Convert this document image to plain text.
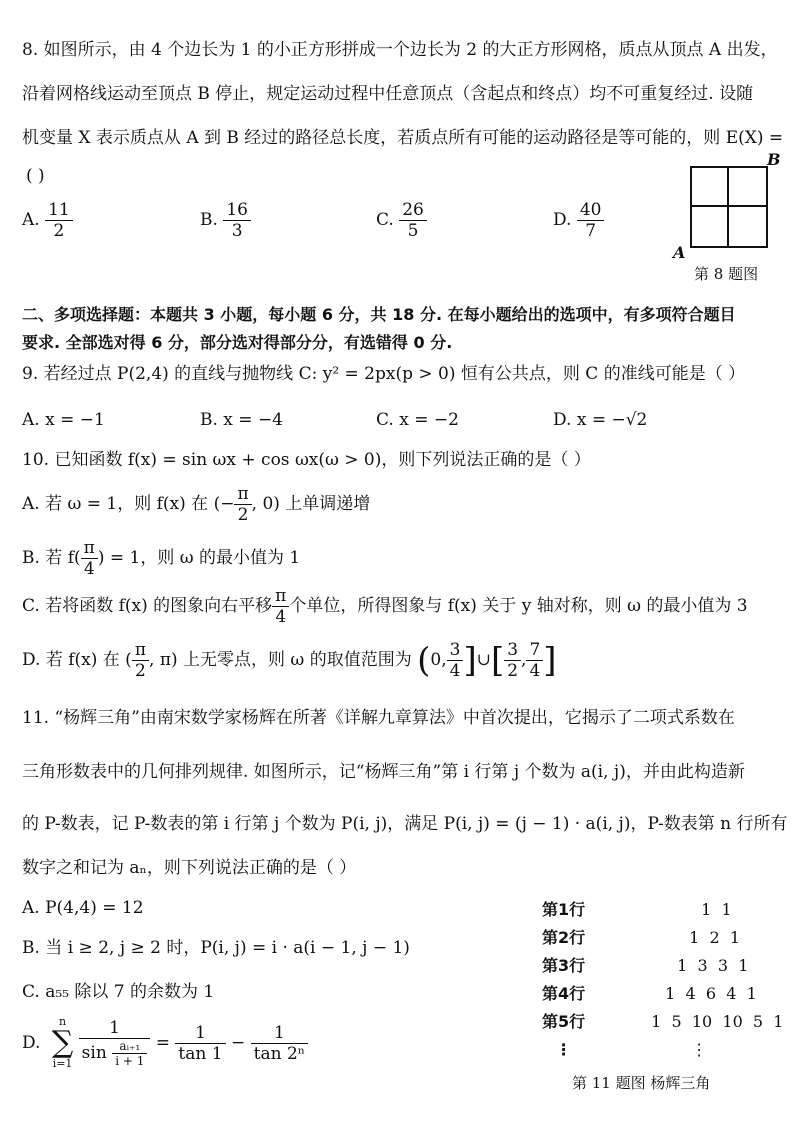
8. 如图所示，由 4 个边长为 1 的小正方形拼成一个边长为 2 的大正方形网格，质点从顶点 A 出发，
沿着网格线运动至顶点 B 停止，规定运动过程中任意顶点（含起点和终点）均不可重复经过. 设随
机变量 X 表示质点从 A 到 B 经过的路径总长度，若质点所有可能的运动路径是等可能的，则 E(X) =
( )
A. $\frac{11}{2}$	B. $\frac{16}{3}$	C. $\frac{26}{5}$	D. $\frac{40}{7}$
B
A
第 8 题图
二、多项选择题：本题共 3 小题，每小题 6 分，共 18 分. 在每小题给出的选项中，有多项符合题目
要求. 全部选对得 6 分，部分选对得部分分，有选错得 0 分.
9. 若经过点 P(2,4) 的直线与抛物线 C: y² = 2px(p > 0) 恒有公共点，则 C 的准线可能是（ ）
A. x = −1	B. x = −4	C. x = −2	D. x = −√2
10. 已知函数 f(x) = sin ωx + cos ωx(ω > 0)，则下列说法正确的是（ ）
A. 若 ω = 1，则 f(x) 在 (− $\frac{\pi}{2}$ , 0) 上单调递增
B. 若 $f( \frac{\pi}{4}$ ) = 1，则 ω 的最小值为 1
C. 若将函数 f(x) 的图象向右平移 $\frac{\pi}{4}$ 个单位，所得图象与 f(x) 关于 y 轴对称，则 ω 的最小值为 3
D. 若 f(x) 在 ( $\frac{\pi}{2}$ , π) 上无零点，则 ω 的取值范围为 (0, $\frac{3}{4}$ ]∪[ $\frac{3}{2}$ , $\frac{7}{4}$ ]
11. “杨辉三角”由南宋数学家杨辉在所著《详解九章算法》中首次提出，它揭示了二项式系数在
三角形数表中的几何排列规律. 如图所示，记“杨辉三角”第 i 行第 j 个数为 a(i, j)，并由此构造新
的 P-数表，记 P-数表的第 i 行第 j 个数为 P(i, j)，满足 P(i, j) = (j − 1) · a(i, j)，P-数表第 n 行所有
数字之和记为 aₙ，则下列说法正确的是（ ）
A. P(4,4) = 12
B. 当 i ≥ 2, j ≥ 2 时，P(i, j) = i · a(i − 1, j − 1)
C. a₅₅ 除以 7 的余数为 1
D.
n
∑
i=1
$\frac{1}{\sin \frac{\text{aᵢ₊₁}}{i + 1}} = \frac{1}{\tan 1} - \frac{1}{\text{tan 2ⁿ}}$
第1行	1 1
第2行	1 2 1
第3行	1 3 3 1
第4行	1 4 6 4 1
第5行	1 5 10 10 5 1
⋮	⋮
第 11 题图 杨辉三角
